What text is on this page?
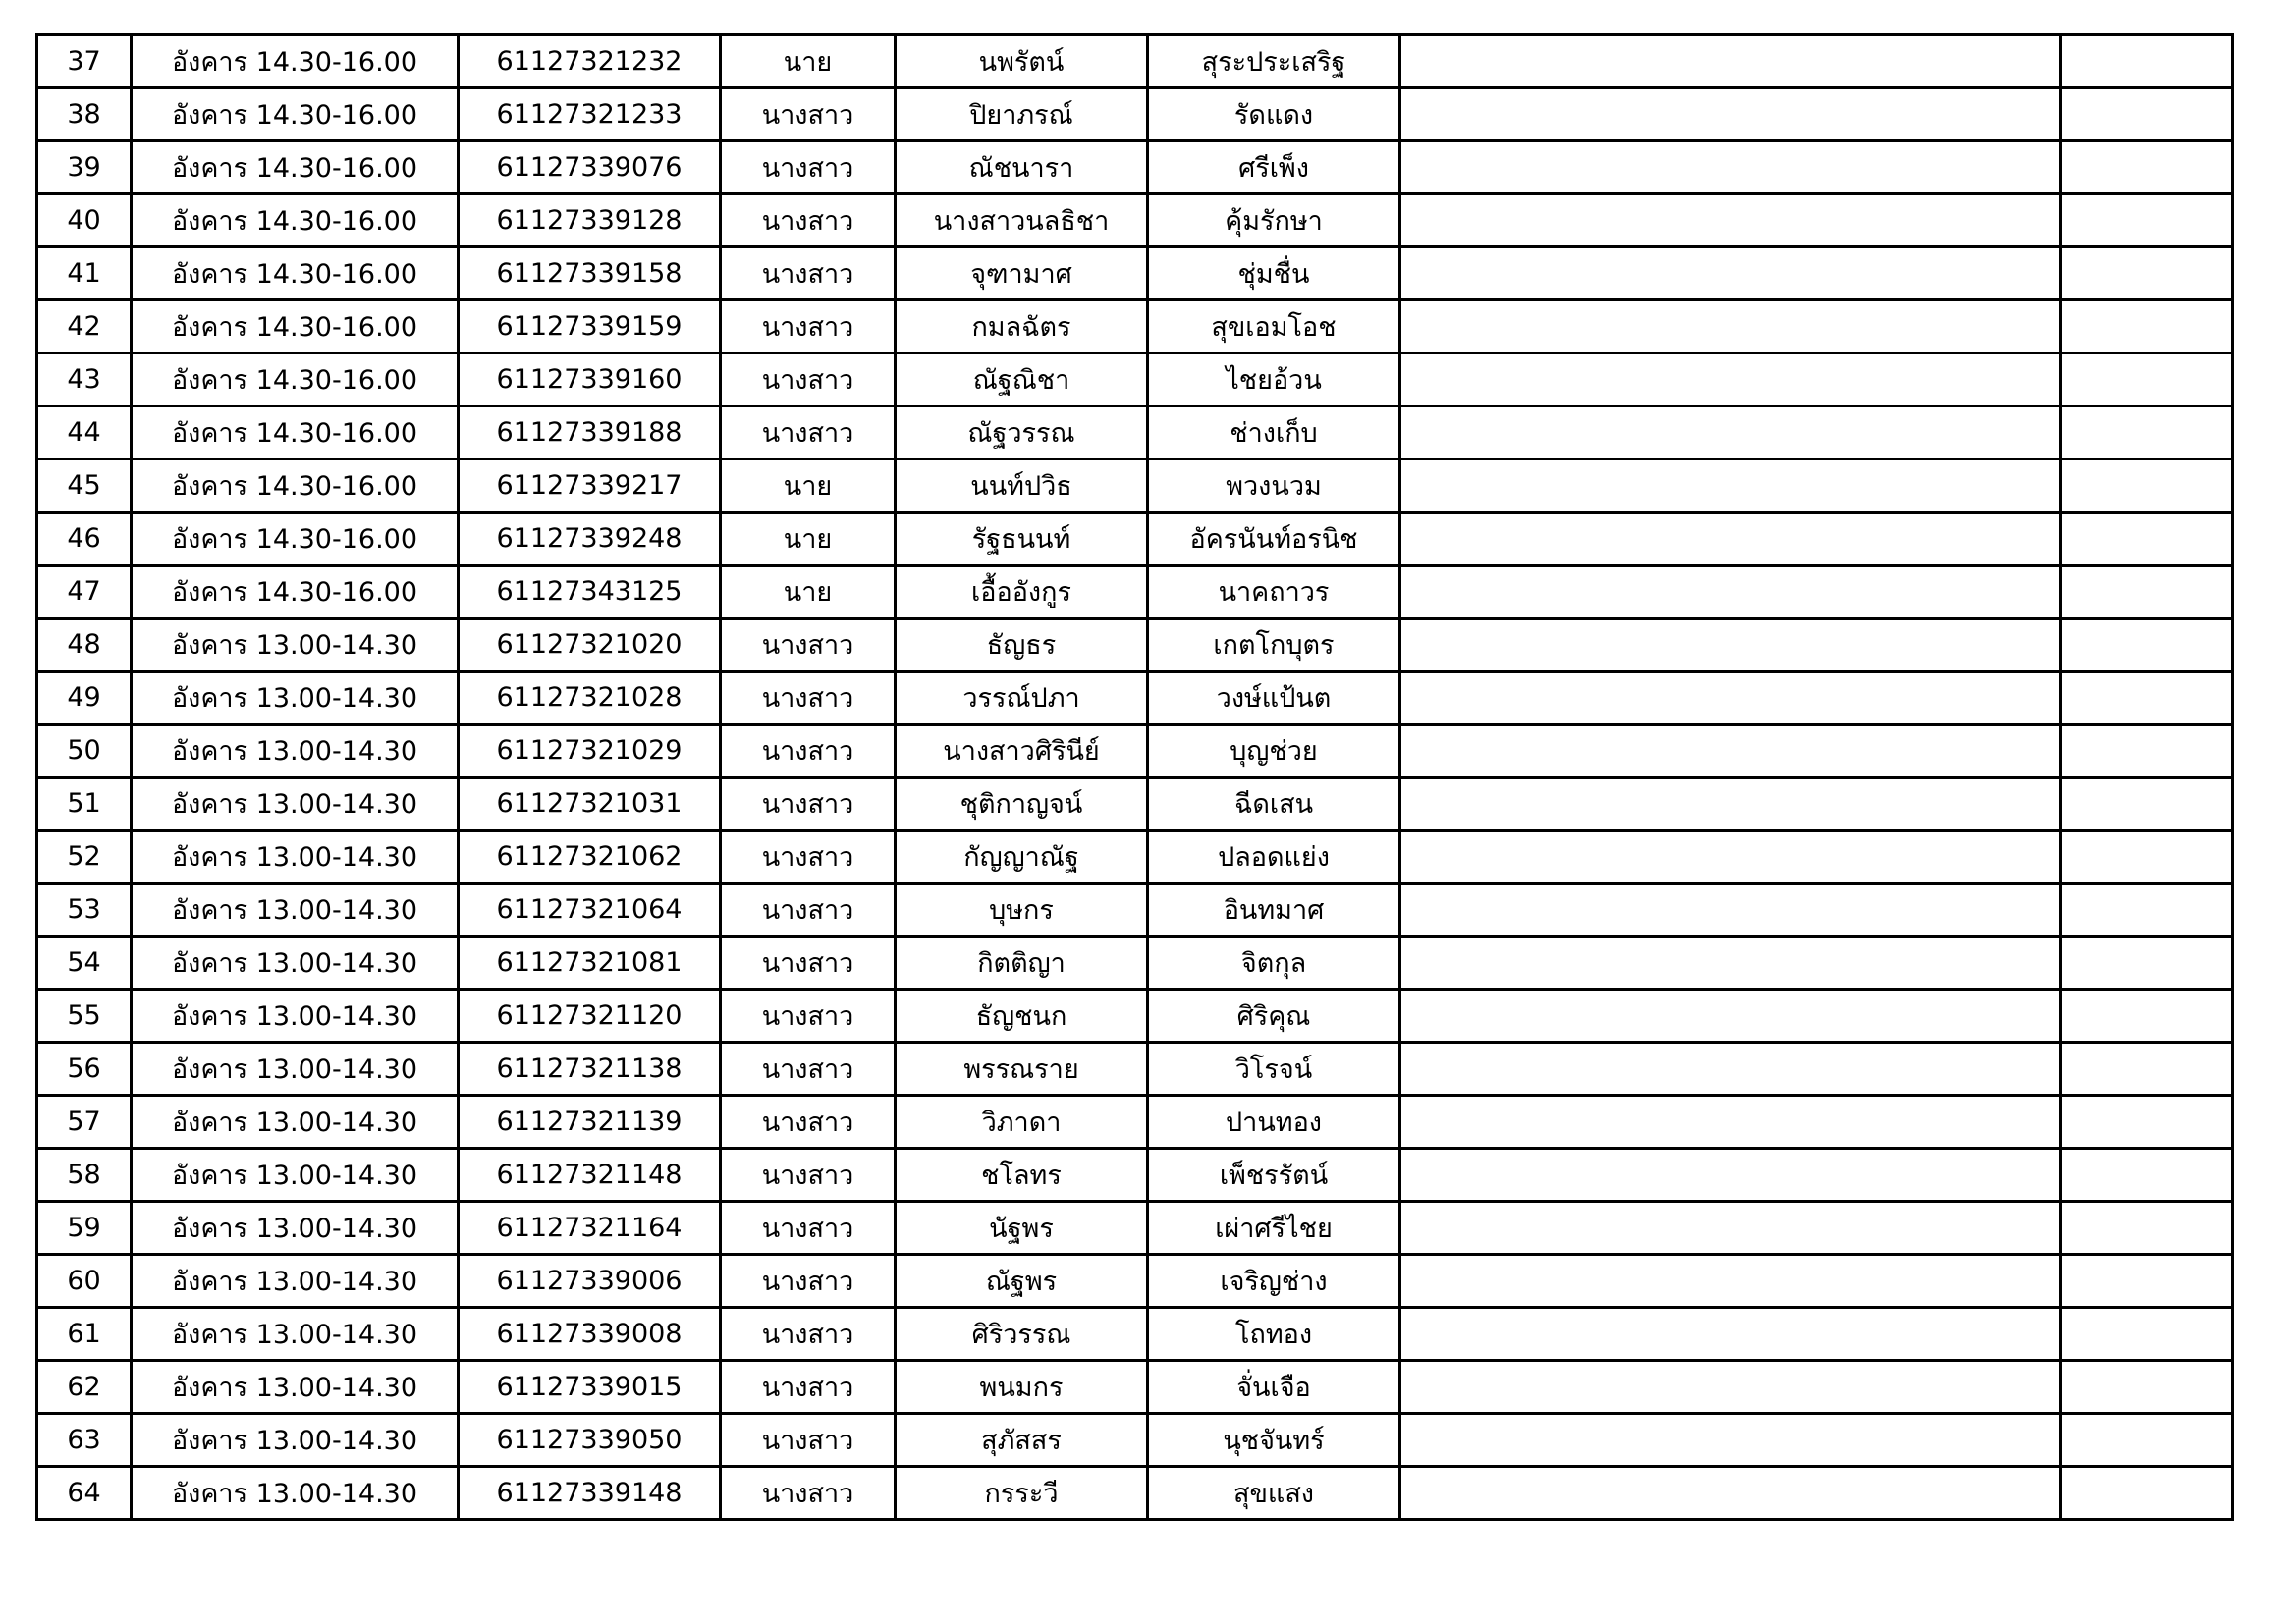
37	อังคาร 14.30-16.00	61127321232	นาย	นพรัตน์	สุระประเสริฐ		
38	อังคาร 14.30-16.00	61127321233	นางสาว	ปิยาภรณ์	รัดแดง		
39	อังคาร 14.30-16.00	61127339076	นางสาว	ณัชนารา	ศรีเพ็ง		
40	อังคาร 14.30-16.00	61127339128	นางสาว	นางสาวนลธิชา	คุ้มรักษา		
41	อังคาร 14.30-16.00	61127339158	นางสาว	จุฑามาศ	ชุ่มชื่น		
42	อังคาร 14.30-16.00	61127339159	นางสาว	กมลฉัตร	สุขเอมโอช		
43	อังคาร 14.30-16.00	61127339160	นางสาว	ณัฐณิชา	ไชยอ้วน		
44	อังคาร 14.30-16.00	61127339188	นางสาว	ณัฐวรรณ	ช่างเก็บ		
45	อังคาร 14.30-16.00	61127339217	นาย	นนท์ปวิธ	พวงนวม		
46	อังคาร 14.30-16.00	61127339248	นาย	รัฐธนนท์	อัครนันท์อรนิช		
47	อังคาร 14.30-16.00	61127343125	นาย	เอื้ออังกูร	นาคถาวร		
48	อังคาร 13.00-14.30	61127321020	นางสาว	ธัญธร	เกตโกบุตร		
49	อังคาร 13.00-14.30	61127321028	นางสาว	วรรณ์ปภา	วงษ์แป้นต		
50	อังคาร 13.00-14.30	61127321029	นางสาว	นางสาวศิรินีย์	บุญช่วย		
51	อังคาร 13.00-14.30	61127321031	นางสาว	ชุติกาญจน์	ฉีดเสน		
52	อังคาร 13.00-14.30	61127321062	นางสาว	กัญญาณัฐ	ปลอดแย่ง		
53	อังคาร 13.00-14.30	61127321064	นางสาว	บุษกร	อินทมาศ		
54	อังคาร 13.00-14.30	61127321081	นางสาว	กิตติญา	จิตกุล		
55	อังคาร 13.00-14.30	61127321120	นางสาว	ธัญชนก	ศิริคุณ		
56	อังคาร 13.00-14.30	61127321138	นางสาว	พรรณราย	วิโรจน์		
57	อังคาร 13.00-14.30	61127321139	นางสาว	วิภาดา	ปานทอง		
58	อังคาร 13.00-14.30	61127321148	นางสาว	ชโลทร	เพ็ชรรัตน์		
59	อังคาร 13.00-14.30	61127321164	นางสาว	นัฐพร	เผ่าศรีไชย		
60	อังคาร 13.00-14.30	61127339006	นางสาว	ณัฐพร	เจริญช่าง		
61	อังคาร 13.00-14.30	61127339008	นางสาว	ศิริวรรณ	โถทอง		
62	อังคาร 13.00-14.30	61127339015	นางสาว	พนมกร	จั่นเจือ		
63	อังคาร 13.00-14.30	61127339050	นางสาว	สุภัสสร	นุชจันทร์		
64	อังคาร 13.00-14.30	61127339148	นางสาว	กรระวี	สุขแสง		
